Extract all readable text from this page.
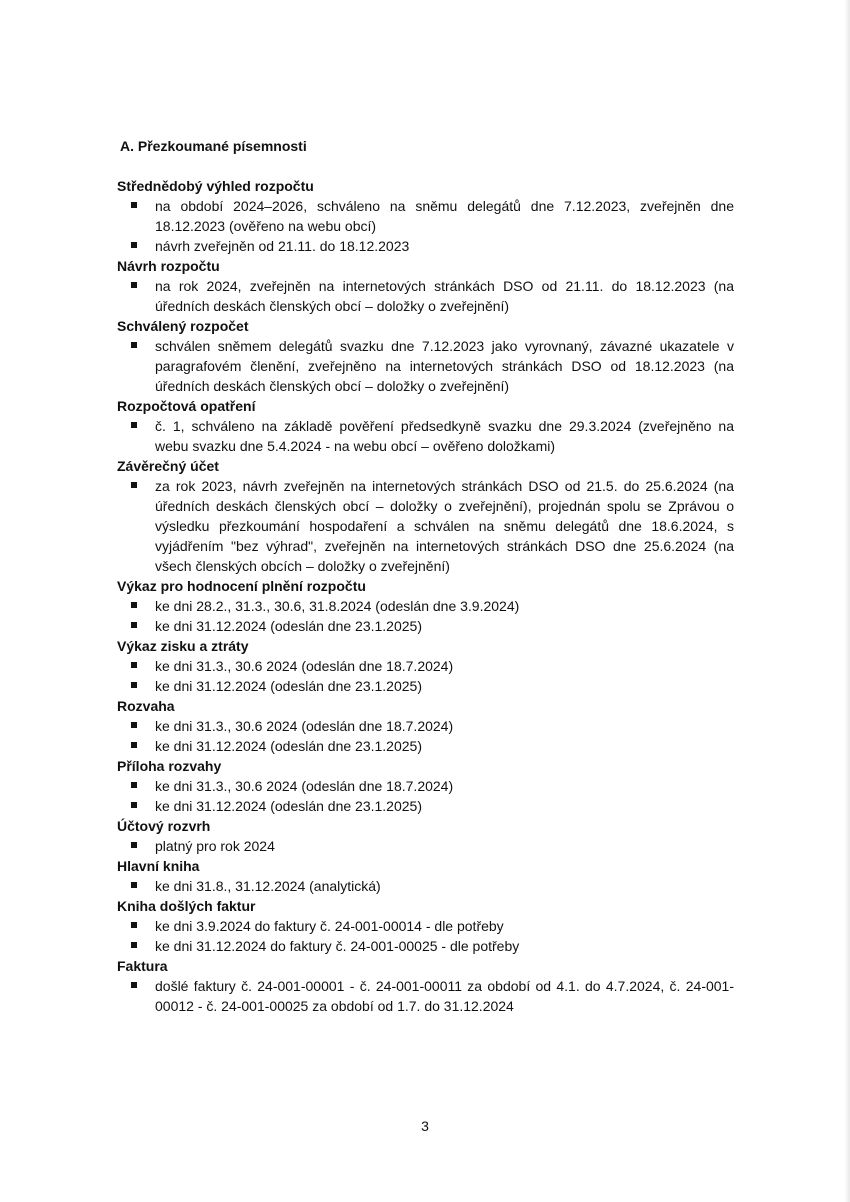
A. Přezkoumané písemnosti
Střednědobý výhled rozpočtu
na období 2024–2026, schváleno na sněmu delegátů dne 7.12.2023, zveřejněn dne 18.12.2023 (ověřeno na webu obcí)
návrh zveřejněn od 21.11. do 18.12.2023
Návrh rozpočtu
na rok 2024, zveřejněn na internetových stránkách DSO od 21.11. do 18.12.2023 (na úředních deskách členských obcí – doložky o zveřejnění)
Schválený rozpočet
schválen sněmem delegátů svazku dne 7.12.2023 jako vyrovnaný, závazné ukazatele v paragrafovém členění, zveřejněno na internetových stránkách DSO od 18.12.2023 (na úředních deskách členských obcí – doložky o zveřejnění)
Rozpočtová opatření
č. 1, schváleno na základě pověření předsedkyně svazku dne 29.3.2024 (zveřejněno na webu svazku dne 5.4.2024 - na webu obcí – ověřeno doložkami)
Závěrečný účet
za rok 2023, návrh zveřejněn na internetových stránkách DSO od 21.5. do 25.6.2024 (na úředních deskách členských obcí – doložky o zveřejnění), projednán spolu se Zprávou o výsledku přezkoumání hospodaření a schválen na sněmu delegátů dne 18.6.2024, s vyjádřením "bez výhrad", zveřejněn na internetových stránkách DSO dne 25.6.2024 (na všech členských obcích – doložky o zveřejnění)
Výkaz pro hodnocení plnění rozpočtu
ke dni 28.2., 31.3., 30.6, 31.8.2024 (odeslán dne 3.9.2024)
ke dni 31.12.2024 (odeslán dne 23.1.2025)
Výkaz zisku a ztráty
ke dni 31.3., 30.6 2024 (odeslán dne 18.7.2024)
ke dni 31.12.2024 (odeslán dne 23.1.2025)
Rozvaha
ke dni 31.3., 30.6 2024 (odeslán dne 18.7.2024)
ke dni 31.12.2024 (odeslán dne 23.1.2025)
Příloha rozvahy
ke dni 31.3., 30.6 2024 (odeslán dne 18.7.2024)
ke dni 31.12.2024 (odeslán dne 23.1.2025)
Účtový rozvrh
platný pro rok 2024
Hlavní kniha
ke dni 31.8., 31.12.2024 (analytická)
Kniha došlých faktur
ke dni 3.9.2024 do faktury č. 24-001-00014 - dle potřeby
ke dni 31.12.2024 do faktury č. 24-001-00025 - dle potřeby
Faktura
došlé faktury č. 24-001-00001 - č. 24-001-00011 za období od 4.1. do 4.7.2024, č. 24-001-00012 - č. 24-001-00025 za období od 1.7. do 31.12.2024
3
